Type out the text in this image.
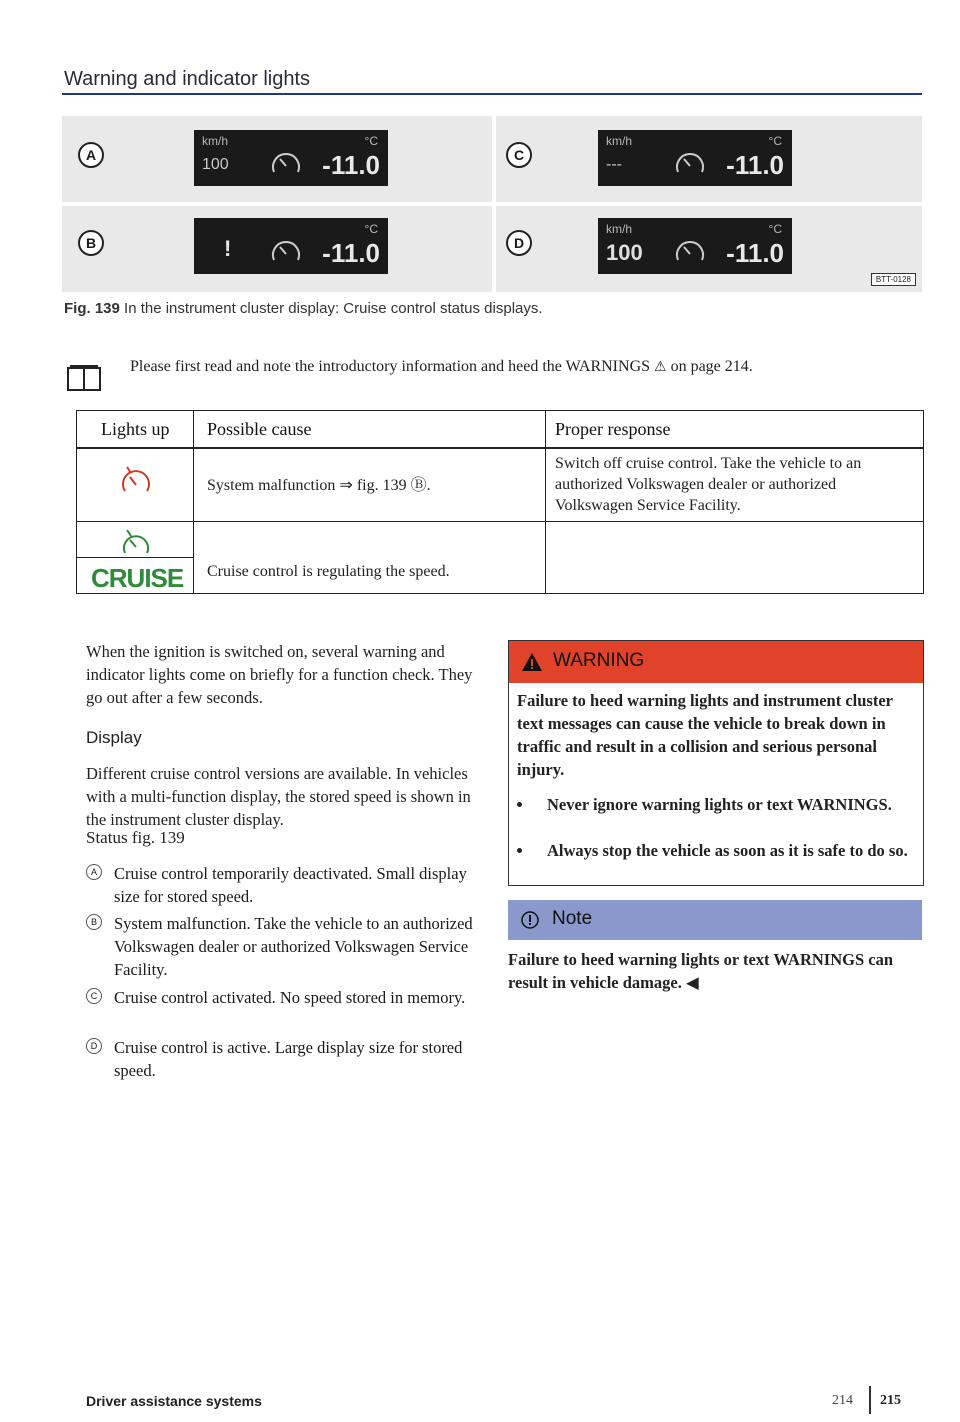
Warning and indicator lights
A
km/h
100
°C
-11.0
B	!
°C
-11.0
C
km/h
---
°C
-11.0
D
km/h
100
°C
-11.0
BTT-0128
Fig. 139 In the instrument cluster display: Cruise control status displays.
Please first read and note the introductory information and heed the WARNINGS ⚠ on page 214.
Lights up Possible cause	Proper response
System malfunction ⇒ fig. 139 Ⓑ.
Switch off cruise control. Take the vehicle to an authorized Volkswagen dealer or authorized Volkswagen Service Facility.
CRUISE Cruise control is regulating the speed.
When the ignition is switched on, several warning and indicator lights come on briefly for a function check. They go out after a few seconds.
Display
Different cruise control versions are available. In vehicles with a multi-function display, the stored speed is shown in the instrument cluster display.
Status fig. 139
A	Cruise control temporarily deactivated. Small display size for stored speed.
B	System malfunction. Take the vehicle to an authorized Volkswagen dealer or authorized Volkswagen Service Facility.
C Cruise control activated. No speed stored in memory.
D Cruise control is active. Large display size for stored speed.
WARNING
Failure to heed warning lights and instrument cluster text messages can cause the vehicle to break down in traffic and result in a collision and serious personal injury.
Never ignore warning lights or text WARNINGS.
Always stop the vehicle as soon as it is safe to do so.
Note
Failure to heed warning lights or text WARNINGS can result in vehicle damage. ◀
Driver assistance systems	214 215
